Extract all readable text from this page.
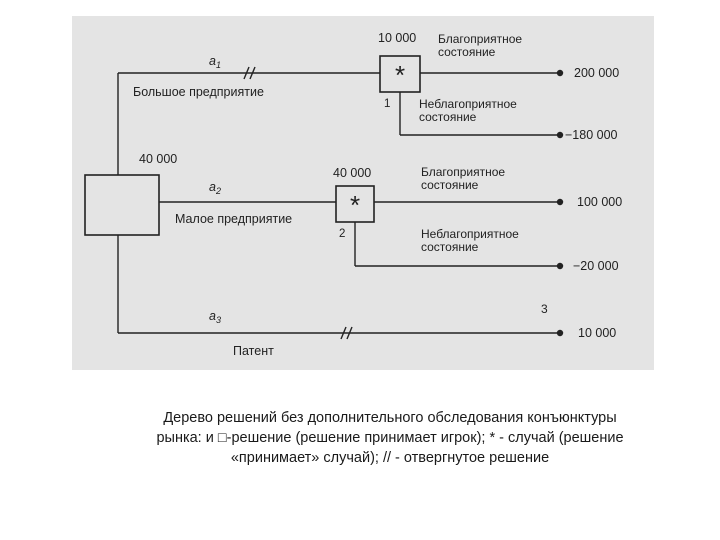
40 000
$a_1$
Большое предприятие
*
10 000
1
Благоприятное состояние
200 000
Неблагоприятное состояние
−180 000
$a_2$
Малое предприятие *
40 000
2
Благоприятное состояние
100 000
Неблагоприятное состояние
−20 000
$a_3$
Патент
3
10 000
Дерево решений без дополнительного обследования конъюнктуры
рынка: и □-решение (решение принимает игрок); * - случай (решение
«принимает» случай); // - отвергнутое решение
